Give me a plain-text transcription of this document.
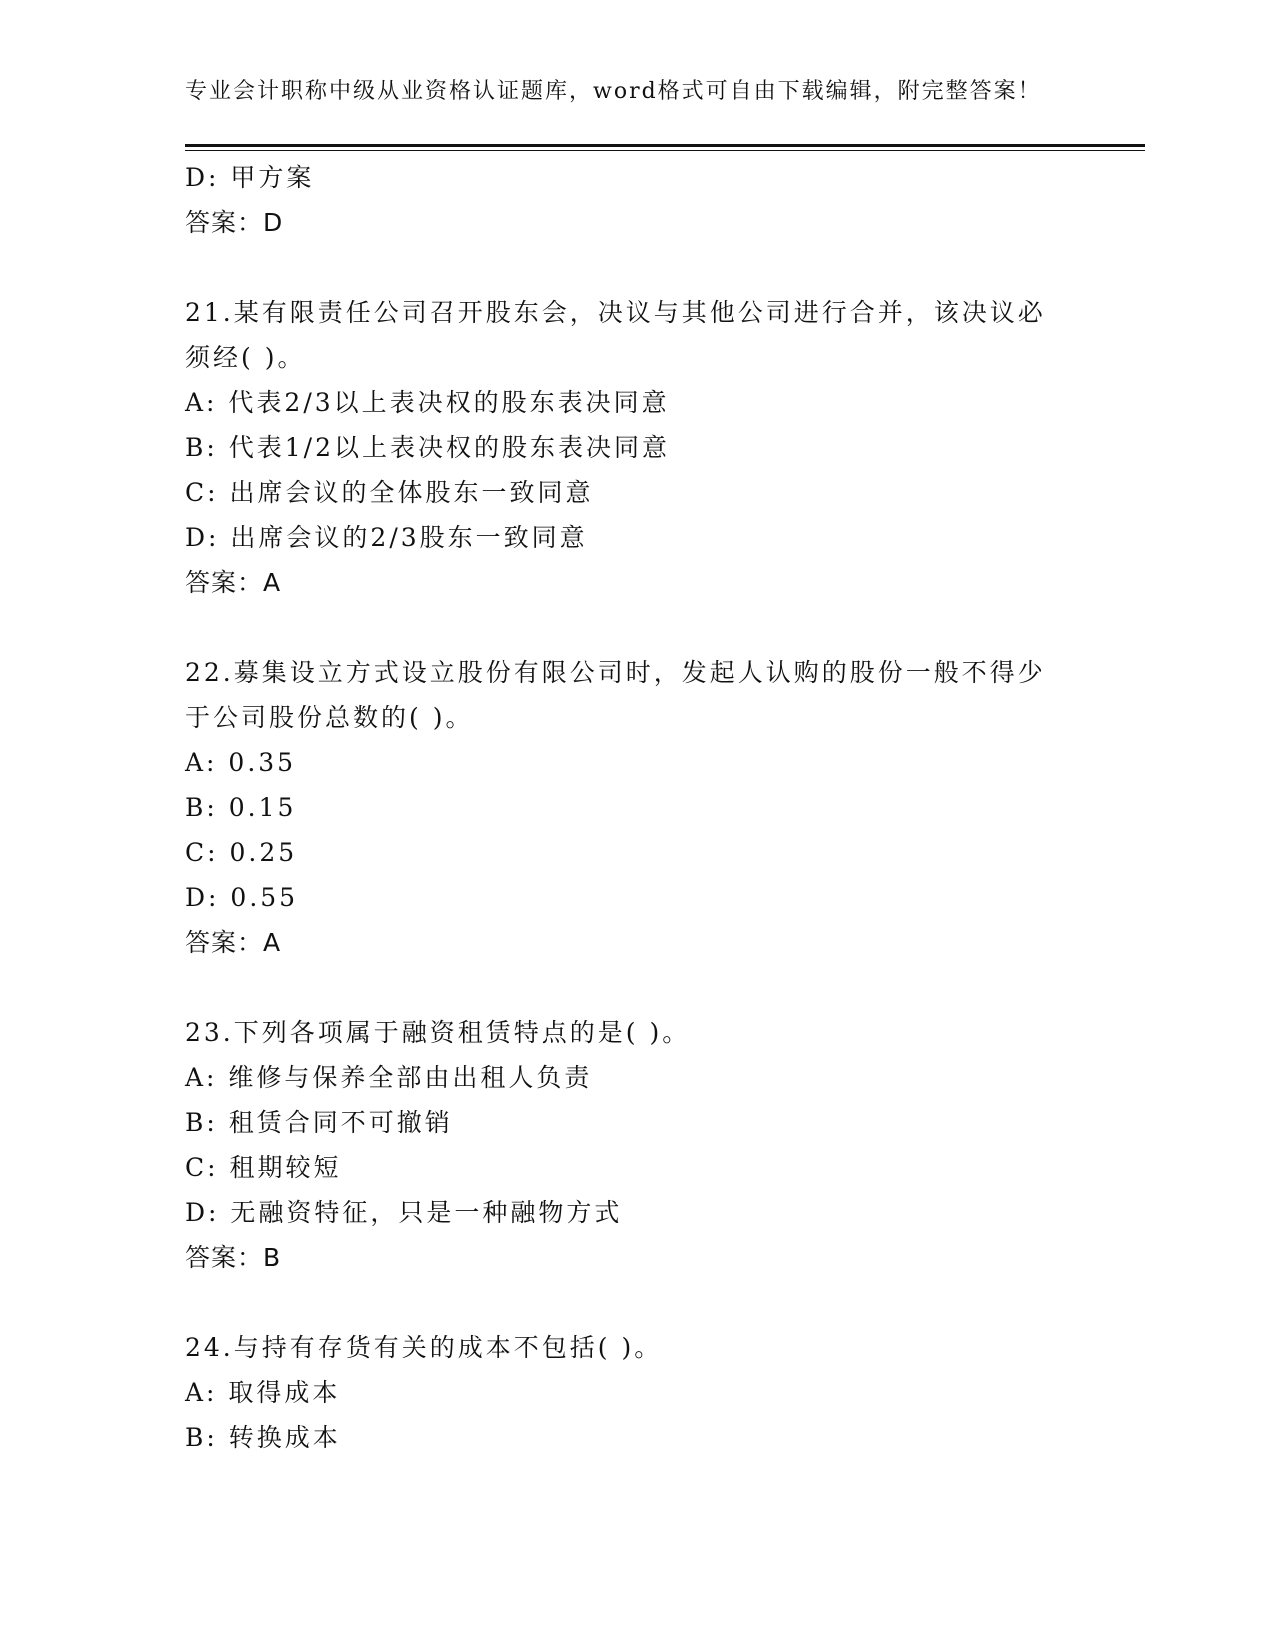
专业会计职称中级从业资格认证题库，word格式可自由下载编辑，附完整答案！
D: 甲方案
答案：D
21.某有限责任公司召开股东会，决议与其他公司进行合并，该决议必
须经( )。
A: 代表2/3以上表决权的股东表决同意
B: 代表1/2以上表决权的股东表决同意
C: 出席会议的全体股东一致同意
D: 出席会议的2/3股东一致同意
答案：A
22.募集设立方式设立股份有限公司时，发起人认购的股份一般不得少
于公司股份总数的( )。
A: 0.35
B: 0.15
C: 0.25
D: 0.55
答案：A
23.下列各项属于融资租赁特点的是( )。
A: 维修与保养全部由出租人负责
B: 租赁合同不可撤销
C: 租期较短
D: 无融资特征，只是一种融物方式
答案：B
24.与持有存货有关的成本不包括( )。
A: 取得成本
B: 转换成本
